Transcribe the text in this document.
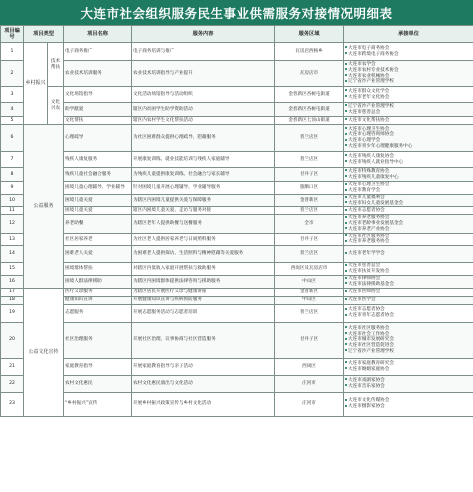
大连市社会组织服务民生事业供需服务对接情况明细表
项目编号	项目类型		项目名称	服务内容	服务区域	承接单位
1	乡村振兴	技术帮扶	电子商务推广	电子商务培训与推广	瓦房店西杨乡	大连市电子商务协会
大连市跨境电子商务协会

2			农业技术培训服务	农业技术培训指导与产业提升	瓦房店市	大连市农学会
大连市农村专业技术协会
大连市农业机械协会
辽宁省沙产业管理学校

3		文化兴农	文化场馆指导	文化活动场馆指导与活动组织	金普新区杏树屯街道	大连市群众文化学会
大连市老年文化协会

4			助学献爱	辖区内贫困学生助学资助活动	金普新区杏树屯街道	辽宁省沙产业管理学校
大连市慈善总会

5			文化帮扶	辖区内农村学生文化帮扶活动	金普新区七顶山街道	大连市文化帮扶协会

6	公益服务		心理疏导	为社区困难群众提供心理疏导、慰藉服务	普兰店区	大连市心理卫生协会
大连市心理咨询师协会
大连市心理学会
大连市青少年心理健康服务中心

7			残疾人康复服务	开展康复训练、就业技能培训与残疾人家庭辅导	普兰店区	大连市残疾人康复协会
大连市残疾人就业指导中心

8			残疾儿童社会融合服务	为残疾儿童提供康复训练、社会融合与家长辅导	甘井子区	大连市特殊教育协会
大连市残疾儿童康复中心

9			困境儿童心理辅导、学业辅导	针对困境儿童开展心理辅导、学业辅导服务	旅顺口区	大连市心理卫生协会
大连市教育学会

10			困境儿童关爱	为辖区内困境儿童提供关爱与保障服务	金普新区	大连市儿童福利会
大连市妇女儿童发展基金会

11			困境儿童关爱	辖区内困境儿童关爱、走访与服务对接	普兰店区	大连市志愿者协会

12			养老助餐	为辖区老年人提供助餐与送餐服务	全市	大连市养老服务协会
大连市老龄事业发展基金会
大连市养老产业协会

13			社区居家养老	为社区老人提供居家养老与日间照料服务	甘井子区	大连市社区服务协会
大连市养老服务协会

14			困难老人关爱	为困难老人提供探访、生活照料与精神慰藉等关爱服务	普兰店区	大连市老年学学会

15			困境群体帮扶	对辖区内低收入家庭开展帮扶与救助服务	西岗区及瓦房店市	大连市慈善总会
大连市扶贫开发协会

16			困境人群法律援助	为辖区内困境群体提供法律咨询与援助服务	中山区	大连市律师协会
大连市法律援助基金会

17	公益文化宣传		医疗义诊服务	为辖区居民开展医疗义诊与健康讲座	金普新区	大连市医师协会

18			健康知识宣讲	开展健康知识宣讲与疾病预防服务	中山区	大连市医学会

19			志愿服务	开展志愿服务活动与志愿者培训	普兰店区	大连市志愿者协会
大连市青年志愿者协会

20			社区治理服务	开展社区治理、议事协商与社区营造服务	甘井子区	大连市社区服务协会
大连市社会工作协会
大连市城市发展研究会
大连市社区营造促进会
辽宁省沙产业管理学校

21			家庭教育指导	开展家庭教育指导与亲子活动	西岗区	大连市家庭教育研究会
大连市婚姻家庭协会

22			农村文化惠民	农村文化惠民演出与文化活动	庄河市	大连市戏剧家协会
大连市音乐家协会

23			“乡村振兴”宣传	开展乡村振兴政策宣传与乡村文化活动	庄河市	大连市文化传媒协会
大连市摄影家协会
